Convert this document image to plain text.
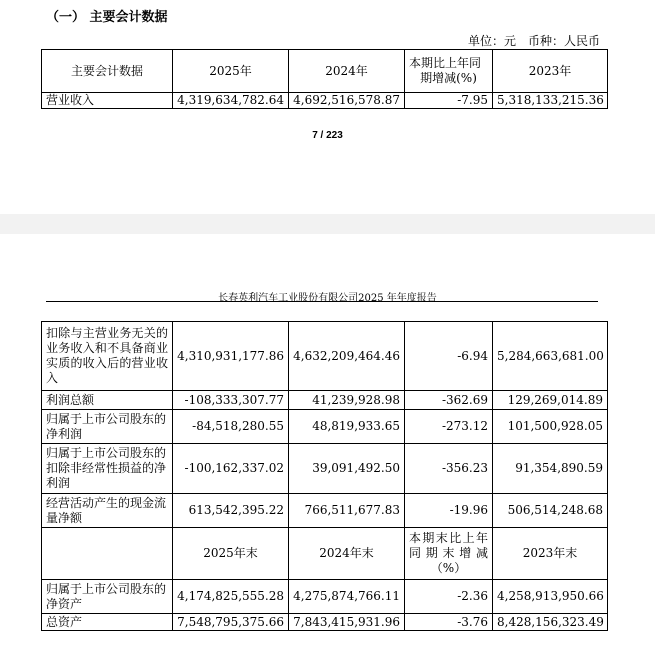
（一） 主要会计数据
单位：元 币种：人民币
主要会计数据	2025年	2024年	本期比上年同期增减(%)	2023年
营业收入	4,319,634,782.64	4,692,516,578.87	-7.95	5,318,133,215.36
7 / 223
长春英利汽车工业股份有限公司2025 年年度报告
扣除与主营业务无关的业务收入和不具备商业实质的收入后的营业收入	4,310,931,177.86	4,632,209,464.46	-6.94	5,284,663,681.00
利润总额	-108,333,307.77	41,239,928.98	-362.69	129,269,014.89
归属于上市公司股东的净利润	-84,518,280.55	48,819,933.65	-273.12	101,500,928.05
归属于上市公司股东的扣除非经常性损益的净利润	-100,162,337.02	39,091,492.50	-356.23	91,354,890.59
经营活动产生的现金流量净额	613,542,395.22	766,511,677.83	-19.96	506,514,248.68
	2025年末	2024年末	本期末比上年同期末增减（%）	2023年末
归属于上市公司股东的净资产	4,174,825,555.28	4,275,874,766.11	-2.36	4,258,913,950.66
总资产	7,548,795,375.66	7,843,415,931.96	-3.76	8,428,156,323.49
